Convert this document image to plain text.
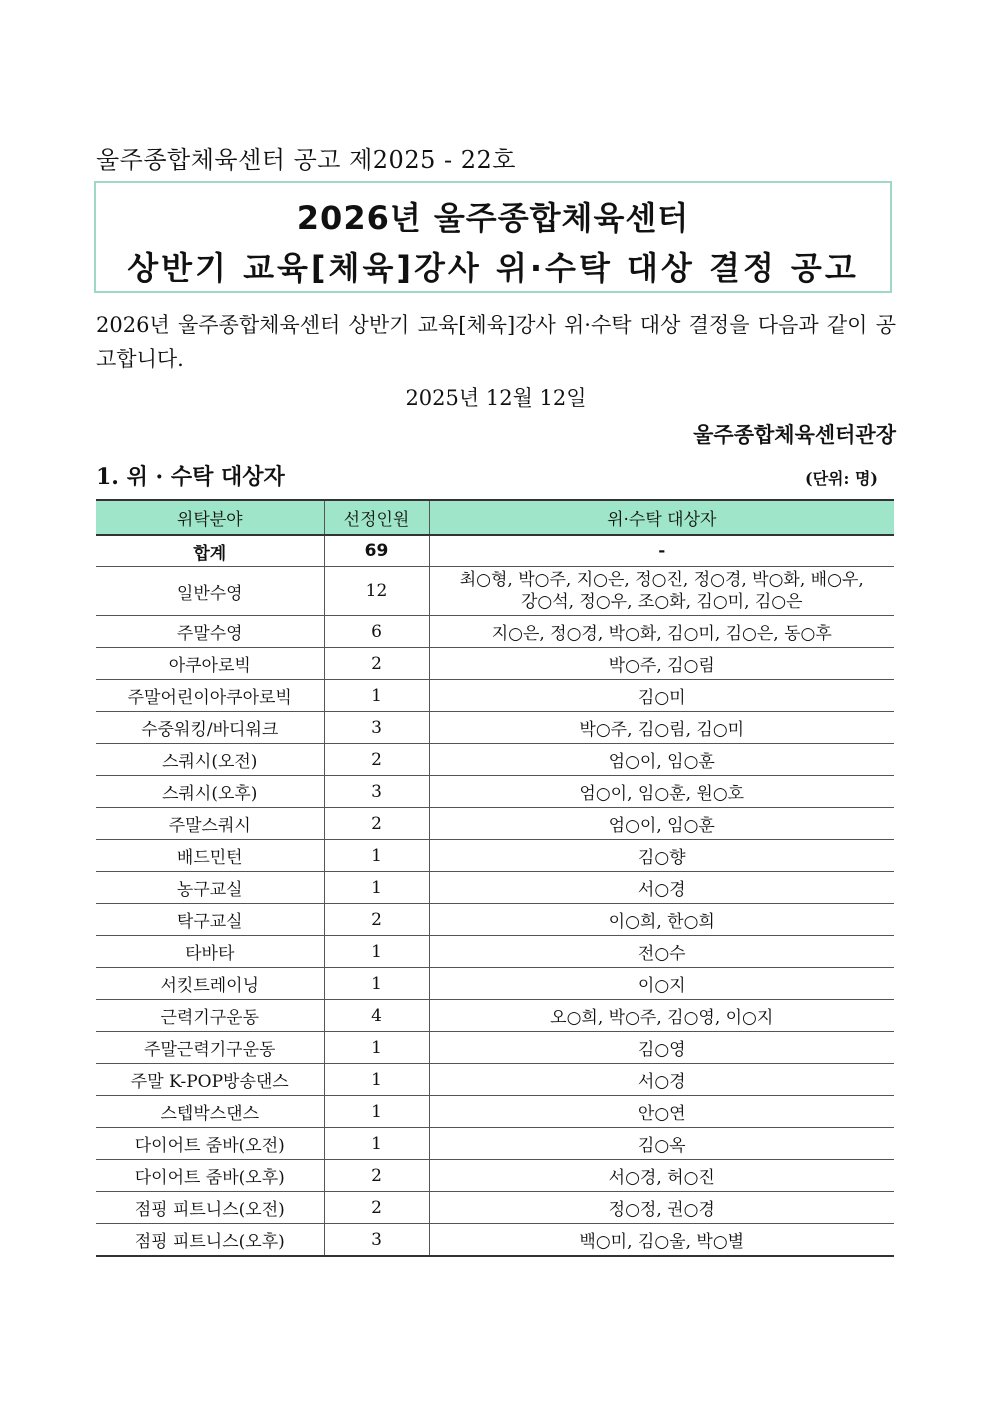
울주종합체육센터 공고 제2025 - 22호
2026년 울주종합체육센터
상반기 교육[체육]강사 위·수탁 대상 결정 공고
2026년 울주종합체육센터 상반기 교육[체육]강사 위·수탁 대상 결정을 다음과 같이 공고합니다.
2025년 12월 12일
울주종합체육센터관장
1. 위 · 수탁 대상자	(단위: 명)
위탁분야	선정인원	위·수탁 대상자
합계	69	-
일반수영	12	최○형, 박○주, 지○은, 정○진, 정○경, 박○화, 배○우,
강○석, 정○우, 조○화, 김○미, 김○은

주말수영	6	지○은, 정○경, 박○화, 김○미, 김○은, 동○후
아쿠아로빅	2	박○주, 김○림
주말어린이아쿠아로빅	1	김○미
수중워킹/바디워크	3	박○주, 김○림, 김○미
스쿼시(오전)	2	엄○이, 임○훈
스쿼시(오후)	3	엄○이, 임○훈, 원○호
주말스쿼시	2	엄○이, 임○훈
배드민턴	1	김○향
농구교실	1	서○경
탁구교실	2	이○희, 한○희
타바타	1	전○수
서킷트레이닝	1	이○지
근력기구운동	4	오○희, 박○주, 김○영, 이○지
주말근력기구운동	1	김○영
주말 K-POP방송댄스	1	서○경
스텝박스댄스	1	안○연
다이어트 줌바(오전)	1	김○옥
다이어트 줌바(오후)	2	서○경, 허○진
점핑 피트니스(오전)	2	정○정, 권○경
점핑 피트니스(오후)	3	백○미, 김○울, 박○별
